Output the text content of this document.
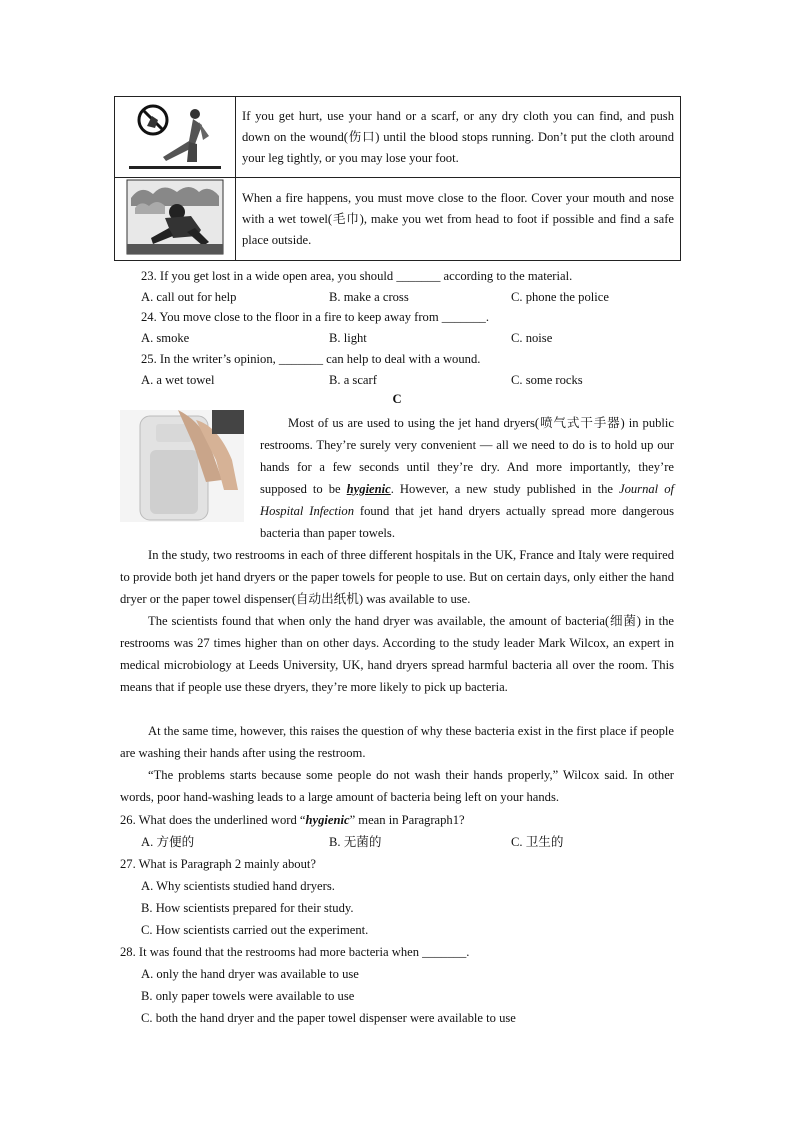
	If you get hurt, use your hand or a scarf, or any dry cloth you can find, and push down on the wound(伤口) until the blood stops running. Don’t put the cloth around your leg tightly, or you may lose your foot.
	When a fire happens, you must move close to the floor. Cover your mouth and nose with a wet towel(毛巾), make you wet from head to foot if possible and find a safe place outside.
23. If you get lost in a wide open area, you should _______ according to the material.
A. call out for help	B. make a cross	C. phone the police
24. You move close to the floor in a fire to keep away from _______.
A. smoke	B. light	C. noise
25. In the writer’s opinion, _______ can help to deal with a wound.
A. a wet towel	B. a scarf	C. some rocks
C
Most of us are used to using the jet hand dryers(喷气式干手器) in public restrooms. They’re surely very convenient — all we need to do is to hold up our hands for a few seconds until they’re dry. And more importantly, they’re supposed to be hygienic. However, a new study published in the Journal of Hospital Infection found that jet hand dryers actually spread more dangerous bacteria than paper towels.
In the study, two restrooms in each of three different hospitals in the UK, France and Italy were required to provide both jet hand dryers or the paper towels for people to use. But on certain days, only either the hand dryer or the paper towel dispenser(自动出纸机) was available to use.
The scientists found that when only the hand dryer was available, the amount of bacteria(细菌) in the restrooms was 27 times higher than on other days. According to the study leader Mark Wilcox, an expert in medical microbiology at Leeds University, UK, hand dryers spread harmful bacteria all over the room. This means that if people use these dryers, they’re more likely to pick up bacteria.
At the same time, however, this raises the question of why these bacteria exist in the first place if people are washing their hands after using the restroom.
“The problems starts because some people do not wash their hands properly,” Wilcox said. In other words, poor hand-washing leads to a large amount of bacteria being left on your hands.
26. What does the underlined word “hygienic” mean in Paragraph1?
A. 方便的	B. 无菌的	C. 卫生的
27. What is Paragraph 2 mainly about?
A. Why scientists studied hand dryers.
B. How scientists prepared for their study.
C. How scientists carried out the experiment.
28. It was found that the restrooms had more bacteria when _______.
A. only the hand dryer was available to use
B. only paper towels were available to use
C. both the hand dryer and the paper towel dispenser were available to use
